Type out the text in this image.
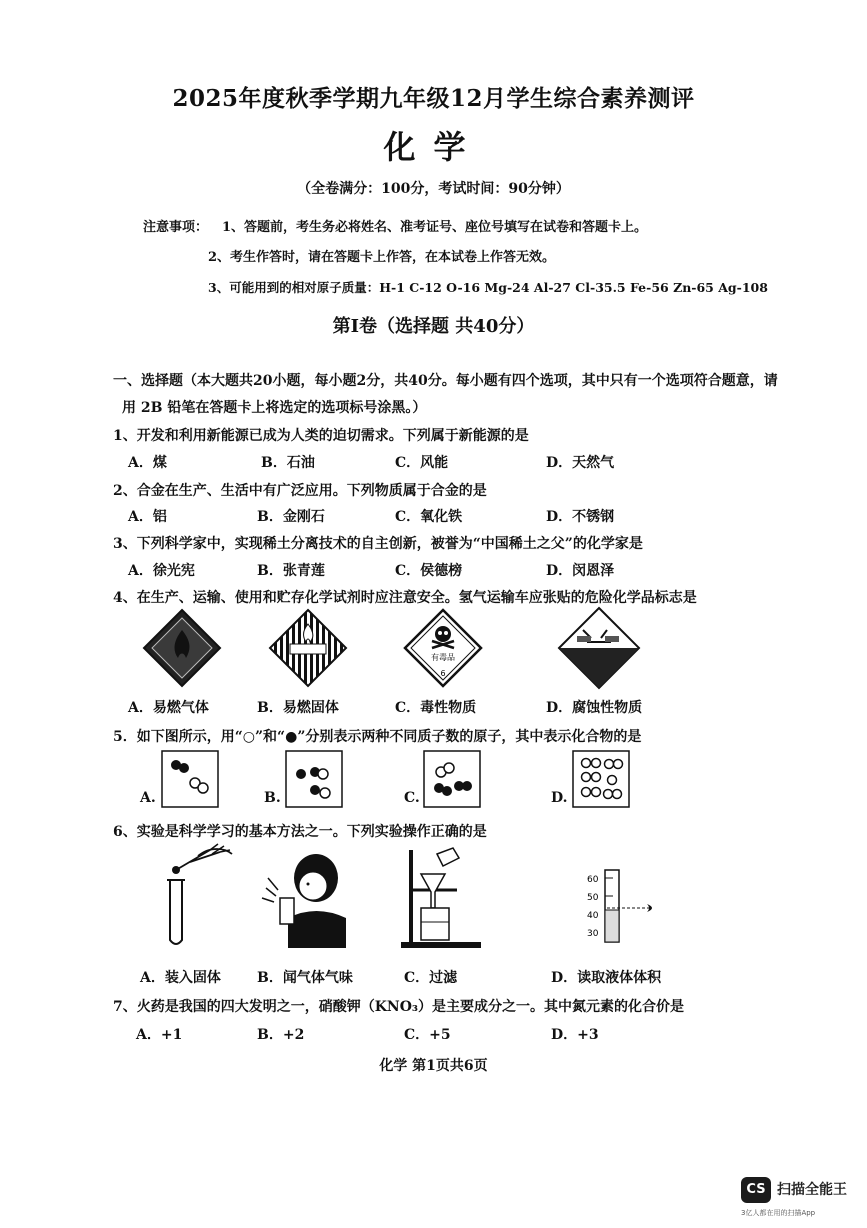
2025年度秋季学期九年级12月学生综合素养测评
化学
（全卷满分：100分，考试时间：90分钟）
注意事项： 1、答题前，考生务必将姓名、准考证号、座位号填写在试卷和答题卡上。
2、考生作答时，请在答题卡上作答，在本试卷上作答无效。
3、可能用到的相对原子质量：H-1 C-12 O-16 Mg-24 Al-27 Cl-35.5 Fe-56 Zn-65 Ag-108
第Ⅰ卷（选择题 共40分）
一、选择题（本大题共20小题，每小题2分，共40分。每小题有四个选项，其中只有一个选项符合题意，请
用 2B 铅笔在答题卡上将选定的选项标号涂黑。）
1、开发和利用新能源已成为人类的迫切需求。下列属于新能源的是
A．煤	B．石油	C．风能	D．天然气
2、合金在生产、生活中有广泛应用。下列物质属于合金的是
A．铝	B．金刚石	C．氧化铁	D．不锈钢
3、下列科学家中，实现稀土分离技术的自主创新，被誉为“中国稀土之父”的化学家是
A．徐光宪	B．张青莲	C．侯德榜	D．闵恩泽
4、在生产、运输、使用和贮存化学试剂时应注意安全。氢气运输车应张贴的危险化学品标志是
有毒品
6
A．易燃气体	B．易燃固体	C．毒性物质	D．腐蚀性物质
5．如下图所示，用“○”和“●”分别表示两种不同质子数的原子，其中表示化合物的是
A.	B.	C.	D.
6、实验是科学学习的基本方法之一。下列实验操作正确的是
60
50
40
30
A．装入固体	B．闻气体气味	C．过滤	D．读取液体体积
7、火药是我国的四大发明之一，硝酸钾（KNO₃）是主要成分之一。其中氮元素的化合价是
A．+1	B．+2	C．+5	D．+3
化学 第1页共6页
CS 扫描全能王
3亿人都在用的扫描App
